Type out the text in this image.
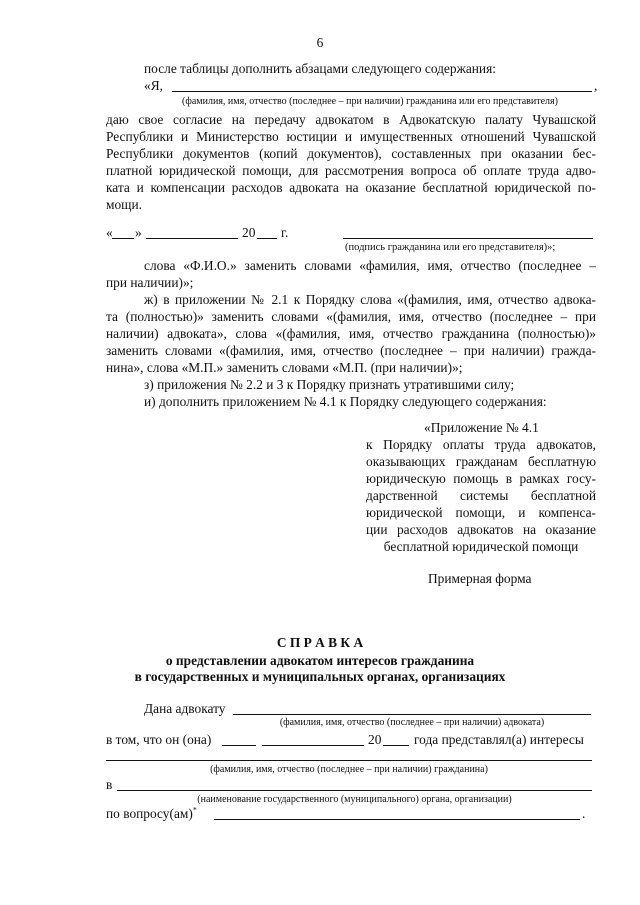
6
после таблицы дополнить абзацами следующего содержания:
«Я,	,
(фамилия, имя, отчество (последнее – при наличии) гражданина или его представителя)
даю свое согласие на передачу адвокатом в Адвокатскую палату Чувашской
Республики и Министерство юстиции и имущественных отношений Чувашской
Республики документов (копий документов), составленных при оказании бес-
платной юридической помощи, для рассмотрения вопроса об оплате труда адво-
ката и компенсации расходов адвоката на оказание бесплатной юридической по-
мощи.
« »	20 г.
(подпись гражданина или его представителя)»;
слова «Ф.И.О.» заменить словами «фамилия, имя, отчество (последнее –
при наличии)»;
ж) в приложении № 2.1 к Порядку слова «(фамилия, имя, отчество адвока-
та (полностью)» заменить словами «(фамилия, имя, отчество (последнее – при
наличии) адвоката», слова «(фамилия, имя, отчество гражданина (полностью)»
заменить словами «(фамилия, имя, отчество (последнее – при наличии) гражда-
нина», слова «М.П.» заменить словами «М.П. (при наличии)»;
з) приложения № 2.2 и 3 к Порядку признать утратившими силу;
и) дополнить приложением № 4.1 к Порядку следующего содержания:
«Приложение № 4.1
к Порядку оплаты труда адвокатов,
оказывающих гражданам бесплатную
юридическую помощь в рамках госу-
дарственной системы бесплатной
юридической помощи, и компенса-
ции расходов адвокатов на оказание
бесплатной юридической помощи
Примерная форма
С П Р А В К А
о представлении адвокатом интересов гражданина
в государственных и муниципальных органах, организациях
Дана адвокату
(фамилия, имя, отчество (последнее – при наличии) адвоката)
в том, что он (она)	20 года представлял(а) интересы
(фамилия, имя, отчество (последнее – при наличии) гражданина)
в
(наименование государственного (муниципального) органа, организации)
по вопросу(ам)*	.
